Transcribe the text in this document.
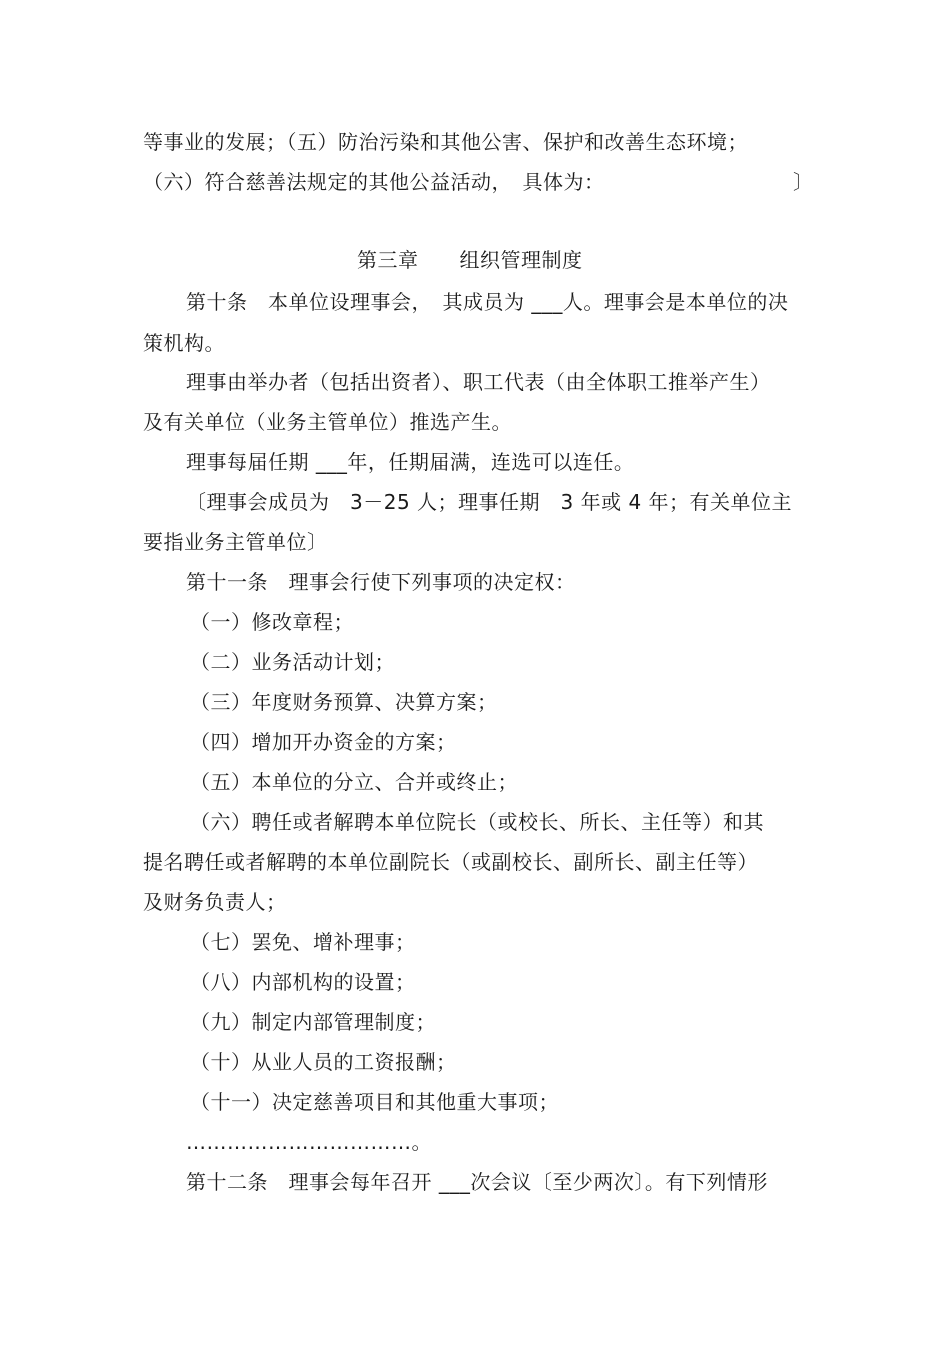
等事业的发展；（五）防治污染和其他公害、保护和改善生态环境；
（六）符合慈善法规定的其他公益活动，　具体为：	〕
第三章　　组织管理制度
第十条　本单位设理事会，　其成员为 ___人。理事会是本单位的决
策机构。
理事由举办者（包括出资者）、职工代表（由全体职工推举产生）
及有关单位（业务主管单位）推选产生。
理事每届任期 ___年，任期届满，连选可以连任。
〔理事会成员为　3－25 人；理事任期　3 年或 4 年；有关单位主
要指业务主管单位〕
第十一条　理事会行使下列事项的决定权：
（一）修改章程；
（二）业务活动计划；
（三）年度财务预算、决算方案；
（四）增加开办资金的方案；
（五）本单位的分立、合并或终止；
（六）聘任或者解聘本单位院长（或校长、所长、主任等）和其
提名聘任或者解聘的本单位副院长（或副校长、副所长、副主任等）
及财务负责人；
（七）罢免、增补理事；
（八）内部机构的设置；
（九）制定内部管理制度；
（十）从业人员的工资报酬；
（十一）决定慈善项目和其他重大事项；
……………………………。
第十二条　理事会每年召开 ___次会议〔至少两次〕。有下列情形
